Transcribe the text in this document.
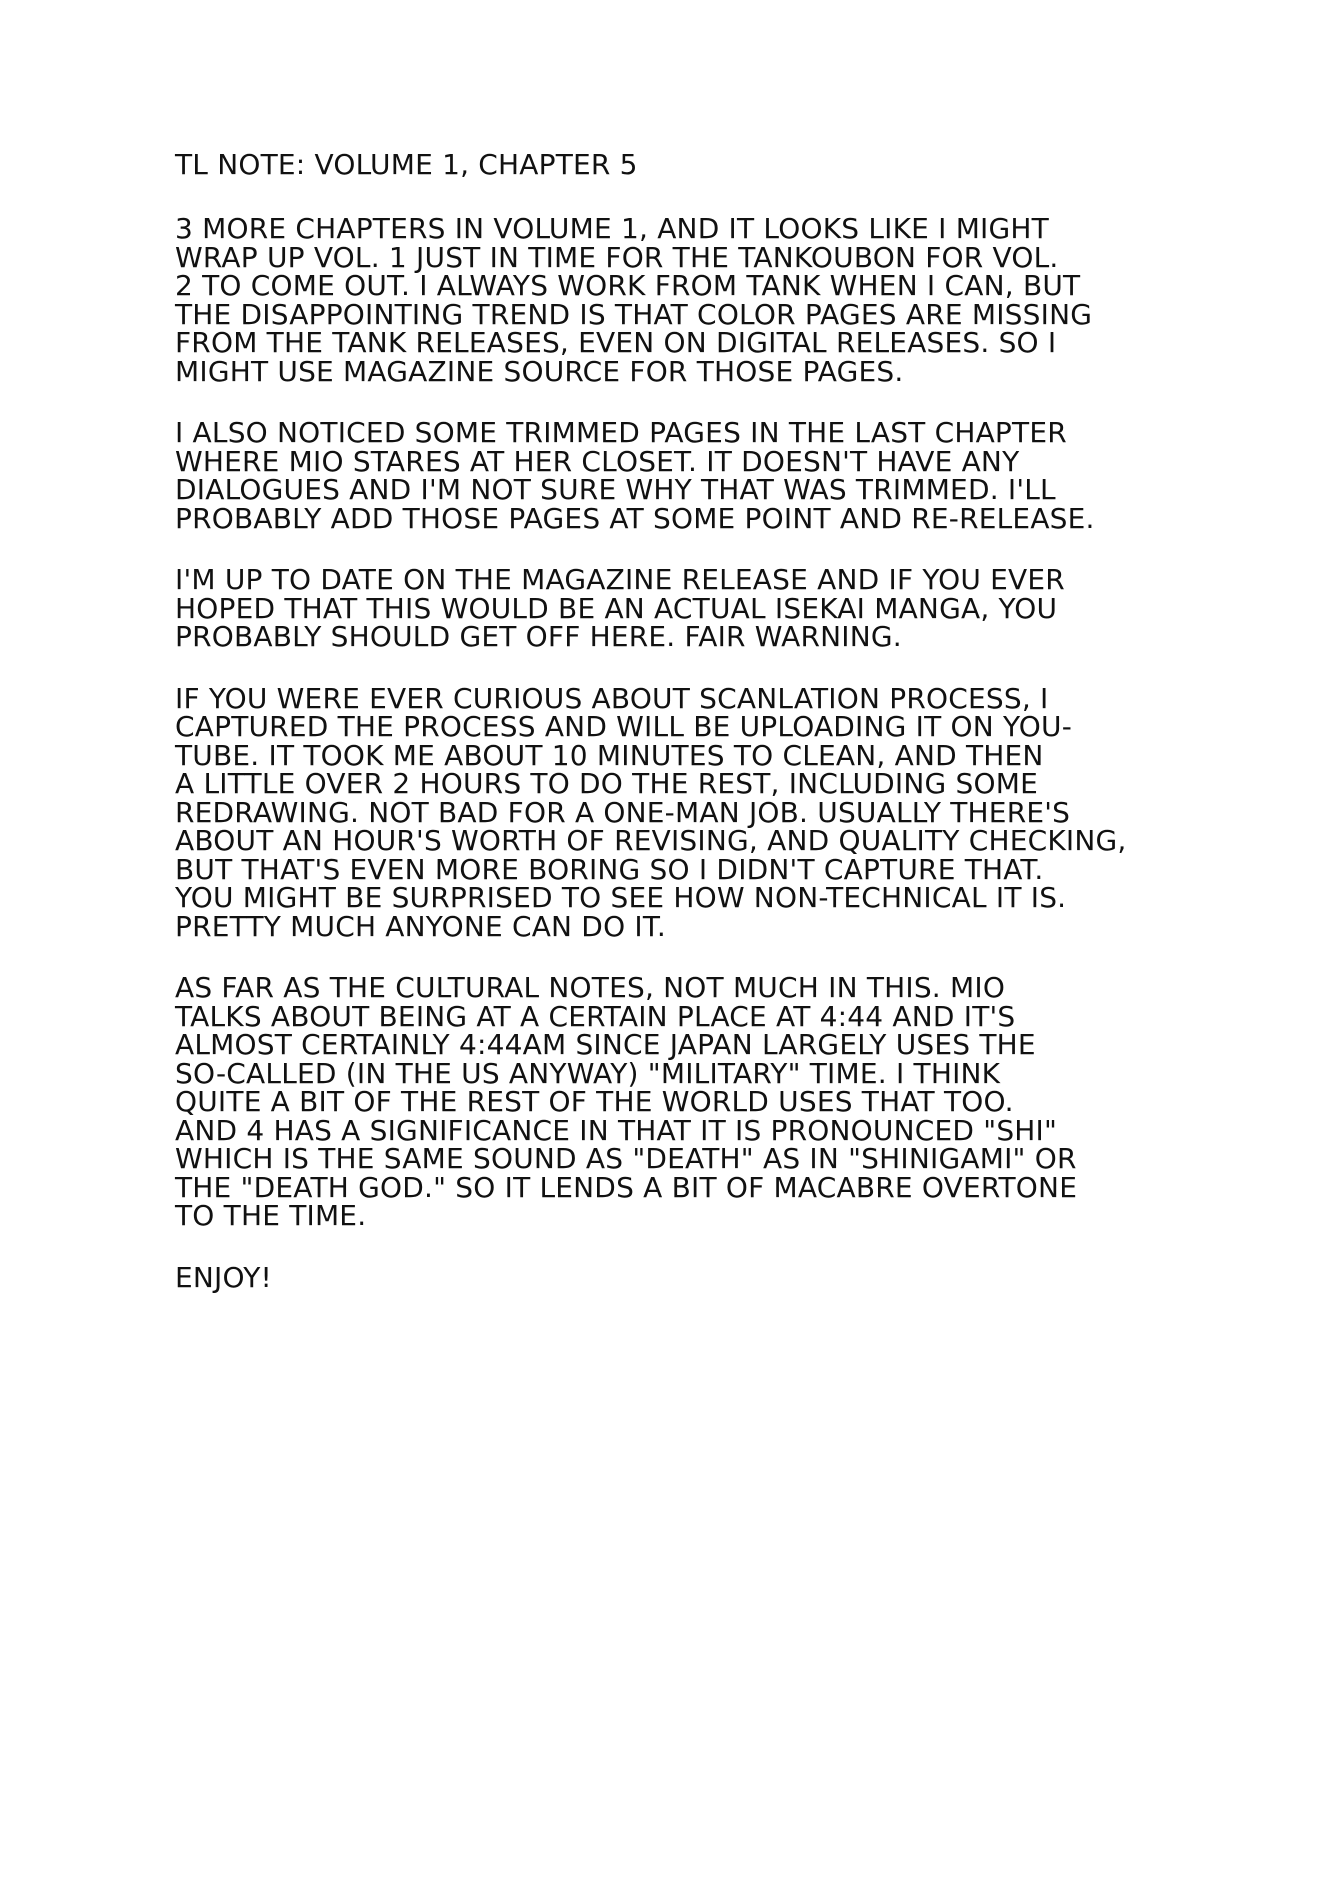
TL NOTE: VOLUME 1, CHAPTER 5
3 MORE CHAPTERS IN VOLUME 1, AND IT LOOKS LIKE I MIGHT
WRAP UP VOL. 1 JUST IN TIME FOR THE TANKOUBON FOR VOL.
2 TO COME OUT. I ALWAYS WORK FROM TANK WHEN I CAN, BUT
THE DISAPPOINTING TREND IS THAT COLOR PAGES ARE MISSING
FROM THE TANK RELEASES, EVEN ON DIGITAL RELEASES. SO I
MIGHT USE MAGAZINE SOURCE FOR THOSE PAGES.
I ALSO NOTICED SOME TRIMMED PAGES IN THE LAST CHAPTER
WHERE MIO STARES AT HER CLOSET. IT DOESN'T HAVE ANY
DIALOGUES AND I'M NOT SURE WHY THAT WAS TRIMMED. I'LL
PROBABLY ADD THOSE PAGES AT SOME POINT AND RE-RELEASE.
I'M UP TO DATE ON THE MAGAZINE RELEASE AND IF YOU EVER
HOPED THAT THIS WOULD BE AN ACTUAL ISEKAI MANGA, YOU
PROBABLY SHOULD GET OFF HERE. FAIR WARNING.
IF YOU WERE EVER CURIOUS ABOUT SCANLATION PROCESS, I
CAPTURED THE PROCESS AND WILL BE UPLOADING IT ON YOU-
TUBE. IT TOOK ME ABOUT 10 MINUTES TO CLEAN, AND THEN
A LITTLE OVER 2 HOURS TO DO THE REST, INCLUDING SOME
REDRAWING. NOT BAD FOR A ONE-MAN JOB. USUALLY THERE'S
ABOUT AN HOUR'S WORTH OF REVISING, AND QUALITY CHECKING,
BUT THAT'S EVEN MORE BORING SO I DIDN'T CAPTURE THAT.
YOU MIGHT BE SURPRISED TO SEE HOW NON-TECHNICAL IT IS.
PRETTY MUCH ANYONE CAN DO IT.
AS FAR AS THE CULTURAL NOTES, NOT MUCH IN THIS. MIO
TALKS ABOUT BEING AT A CERTAIN PLACE AT 4:44 AND IT'S
ALMOST CERTAINLY 4:44AM SINCE JAPAN LARGELY USES THE
SO-CALLED (IN THE US ANYWAY) "MILITARY" TIME. I THINK
QUITE A BIT OF THE REST OF THE WORLD USES THAT TOO.
AND 4 HAS A SIGNIFICANCE IN THAT IT IS PRONOUNCED "SHI"
WHICH IS THE SAME SOUND AS "DEATH" AS IN "SHINIGAMI" OR
THE "DEATH GOD." SO IT LENDS A BIT OF MACABRE OVERTONE
TO THE TIME.
ENJOY!
